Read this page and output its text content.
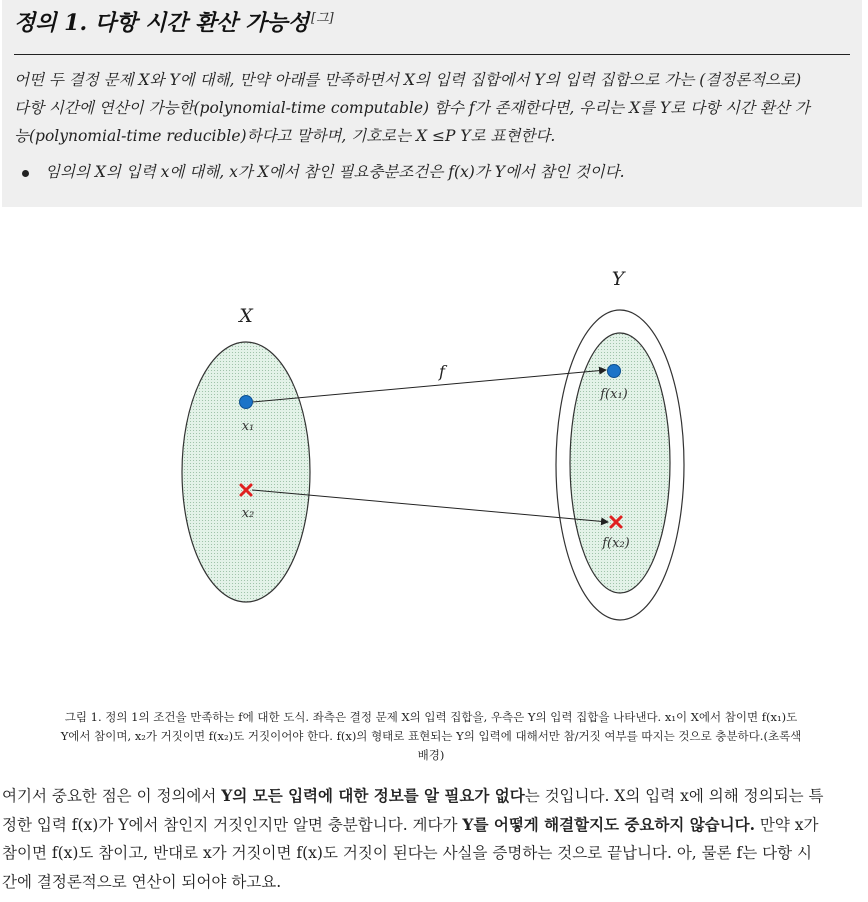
정의 1. 다항 시간 환산 가능성 [그]
어떤 두 결정 문제 X와 Y에 대해, 만약 아래를 만족하면서 X의 입력 집합에서 Y의 입력 집합으로 가는 (결정론적으로)
다항 시간에 연산이 가능한(polynomial-time computable) 함수 f가 존재한다면, 우리는 X를 Y로 다항 시간 환산 가
능(polynomial-time reducible)하다고 말하며, 기호로는 X ≤P Y로 표현한다.
임의의 X의 입력 x에 대해, x가 X에서 참인 필요충분조건은 f(x)가 Y에서 참인 것이다.
X
Y
f
x₁
x₂
f(x₁)
f(x₂)
그림 1. 정의 1의 조건을 만족하는 f에 대한 도식. 좌측은 결정 문제 X의 입력 집합을, 우측은 Y의 입력 집합을 나타낸다. x₁이 X에서 참이면 f(x₁)도
Y에서 참이며, x₂가 거짓이면 f(x₂)도 거짓이어야 한다. f(x)의 형태로 표현되는 Y의 입력에 대해서만 참/거짓 여부를 따지는 것으로 충분하다.(초록색
배경)
여기서 중요한 점은 이 정의에서 Y의 모든 입력에 대한 정보를 알 필요가 없다는 것입니다. X의 입력 x에 의해 정의되는 특
정한 입력 f(x)가 Y에서 참인지 거짓인지만 알면 충분합니다. 게다가 Y를 어떻게 해결할지도 중요하지 않습니다. 만약 x가
참이면 f(x)도 참이고, 반대로 x가 거짓이면 f(x)도 거짓이 된다는 사실을 증명하는 것으로 끝납니다. 아, 물론 f는 다항 시
간에 결정론적으로 연산이 되어야 하고요.
